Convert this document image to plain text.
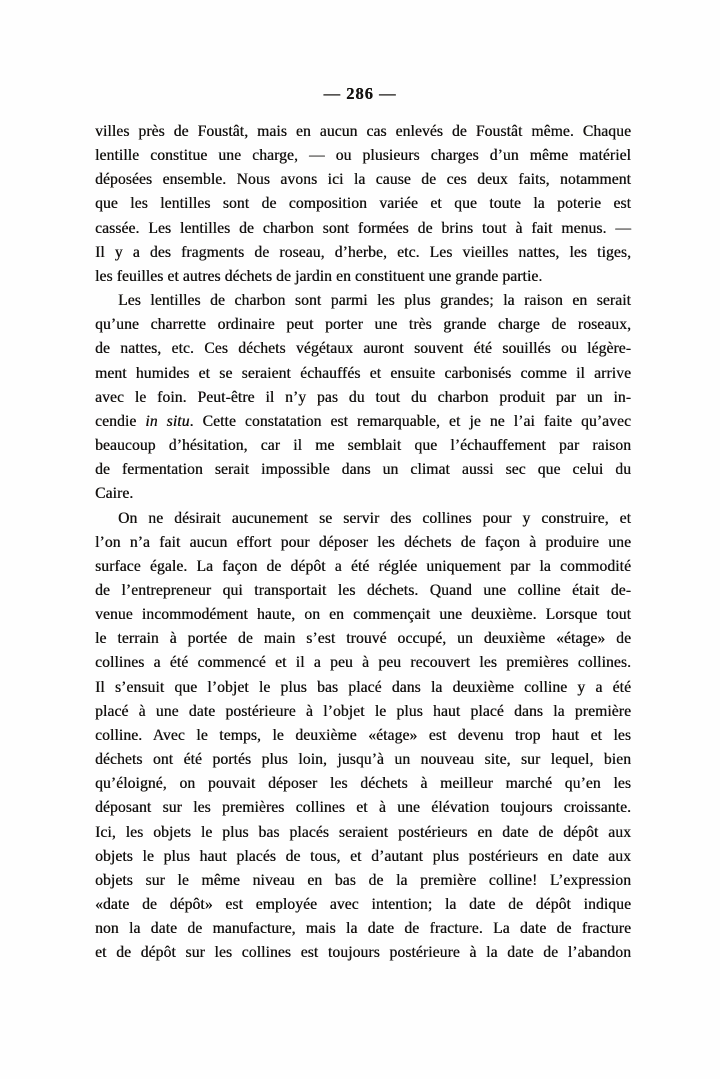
— 286 —
villes près de Foustât, mais en aucun cas enlevés de Foustât même. Chaque
lentille constitue une charge, — ou plusieurs charges d’un même matériel
déposées ensemble. Nous avons ici la cause de ces deux faits, notamment
que les lentilles sont de composition variée et que toute la poterie est
cassée. Les lentilles de charbon sont formées de brins tout à fait menus. —
Il y a des fragments de roseau, d’herbe, etc. Les vieilles nattes, les tiges,
les feuilles et autres déchets de jardin en constituent une grande partie.
Les lentilles de charbon sont parmi les plus grandes; la raison en serait
qu’une charrette ordinaire peut porter une très grande charge de roseaux,
de nattes, etc. Ces déchets végétaux auront souvent été souillés ou légère-
ment humides et se seraient échauffés et ensuite carbonisés comme il arrive
avec le foin. Peut-être il n’y pas du tout du charbon produit par un in-
cendie in situ. Cette constatation est remarquable, et je ne l’ai faite qu’avec
beaucoup d’hésitation, car il me semblait que l’échauffement par raison
de fermentation serait impossible dans un climat aussi sec que celui du
Caire.
On ne désirait aucunement se servir des collines pour y construire, et
l’on n’a fait aucun effort pour déposer les déchets de façon à produire une
surface égale. La façon de dépôt a été réglée uniquement par la commodité
de l’entrepreneur qui transportait les déchets. Quand une colline était de-
venue incommodément haute, on en commençait une deuxième. Lorsque tout
le terrain à portée de main s’est trouvé occupé, un deuxième «étage» de
collines a été commencé et il a peu à peu recouvert les premières collines.
Il s’ensuit que l’objet le plus bas placé dans la deuxième colline y a été
placé à une date postérieure à l’objet le plus haut placé dans la première
colline. Avec le temps, le deuxième «étage» est devenu trop haut et les
déchets ont été portés plus loin, jusqu’à un nouveau site, sur lequel, bien
qu’éloigné, on pouvait déposer les déchets à meilleur marché qu’en les
déposant sur les premières collines et à une élévation toujours croissante.
Ici, les objets le plus bas placés seraient postérieurs en date de dépôt aux
objets le plus haut placés de tous, et d’autant plus postérieurs en date aux
objets sur le même niveau en bas de la première colline! L’expression
«date de dépôt» est employée avec intention; la date de dépôt indique
non la date de manufacture, mais la date de fracture. La date de fracture
et de dépôt sur les collines est toujours postérieure à la date de l’abandon
